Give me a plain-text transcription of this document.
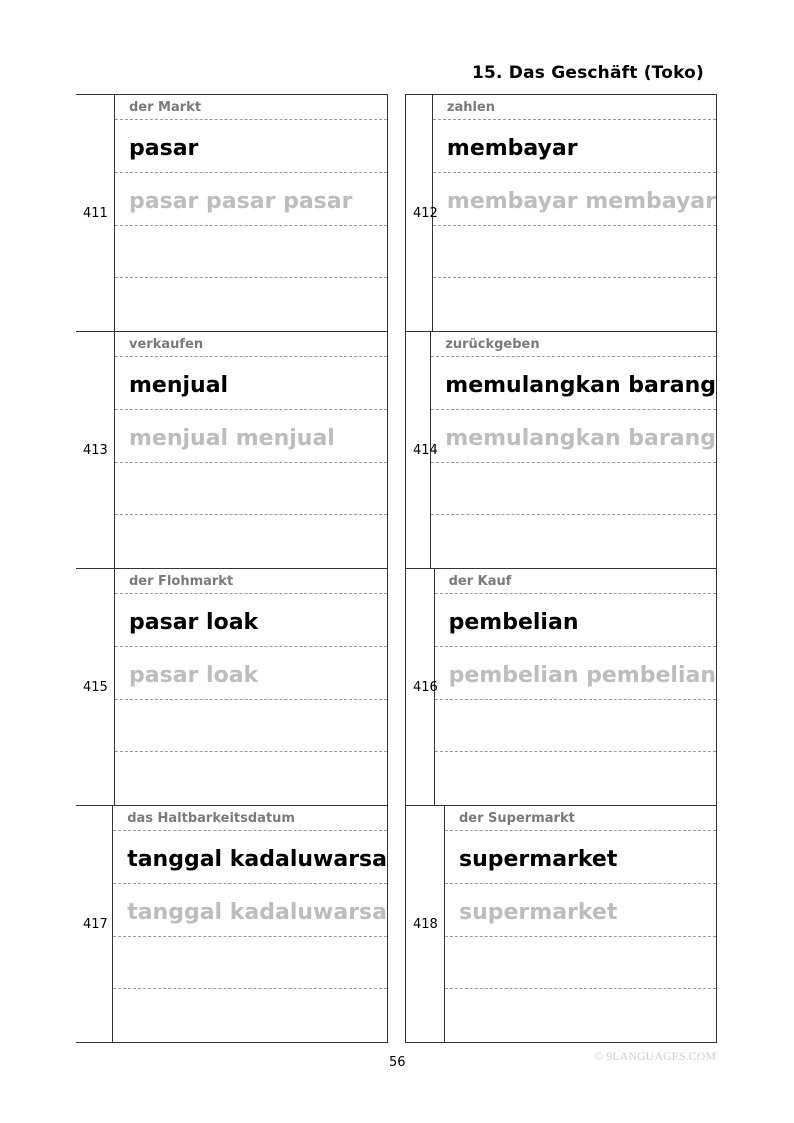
15. Das Geschäft (Toko)
411
der Markt
pasar
pasar pasar pasar	412
zahlen
membayar
membayar membayar
413
verkaufen
menjual
menjual menjual	414
zurückgeben
memulangkan barang
memulangkan barang
415
der Flohmarkt
pasar loak
pasar loak	416
der Kauf
pembelian
pembelian pembelian
417
das Haltbarkeitsdatum
tanggal kadaluwarsa
tanggal kadaluwarsa 418
der Supermarkt
supermarket
supermarket
56	© 9LANGUAGES.COM
